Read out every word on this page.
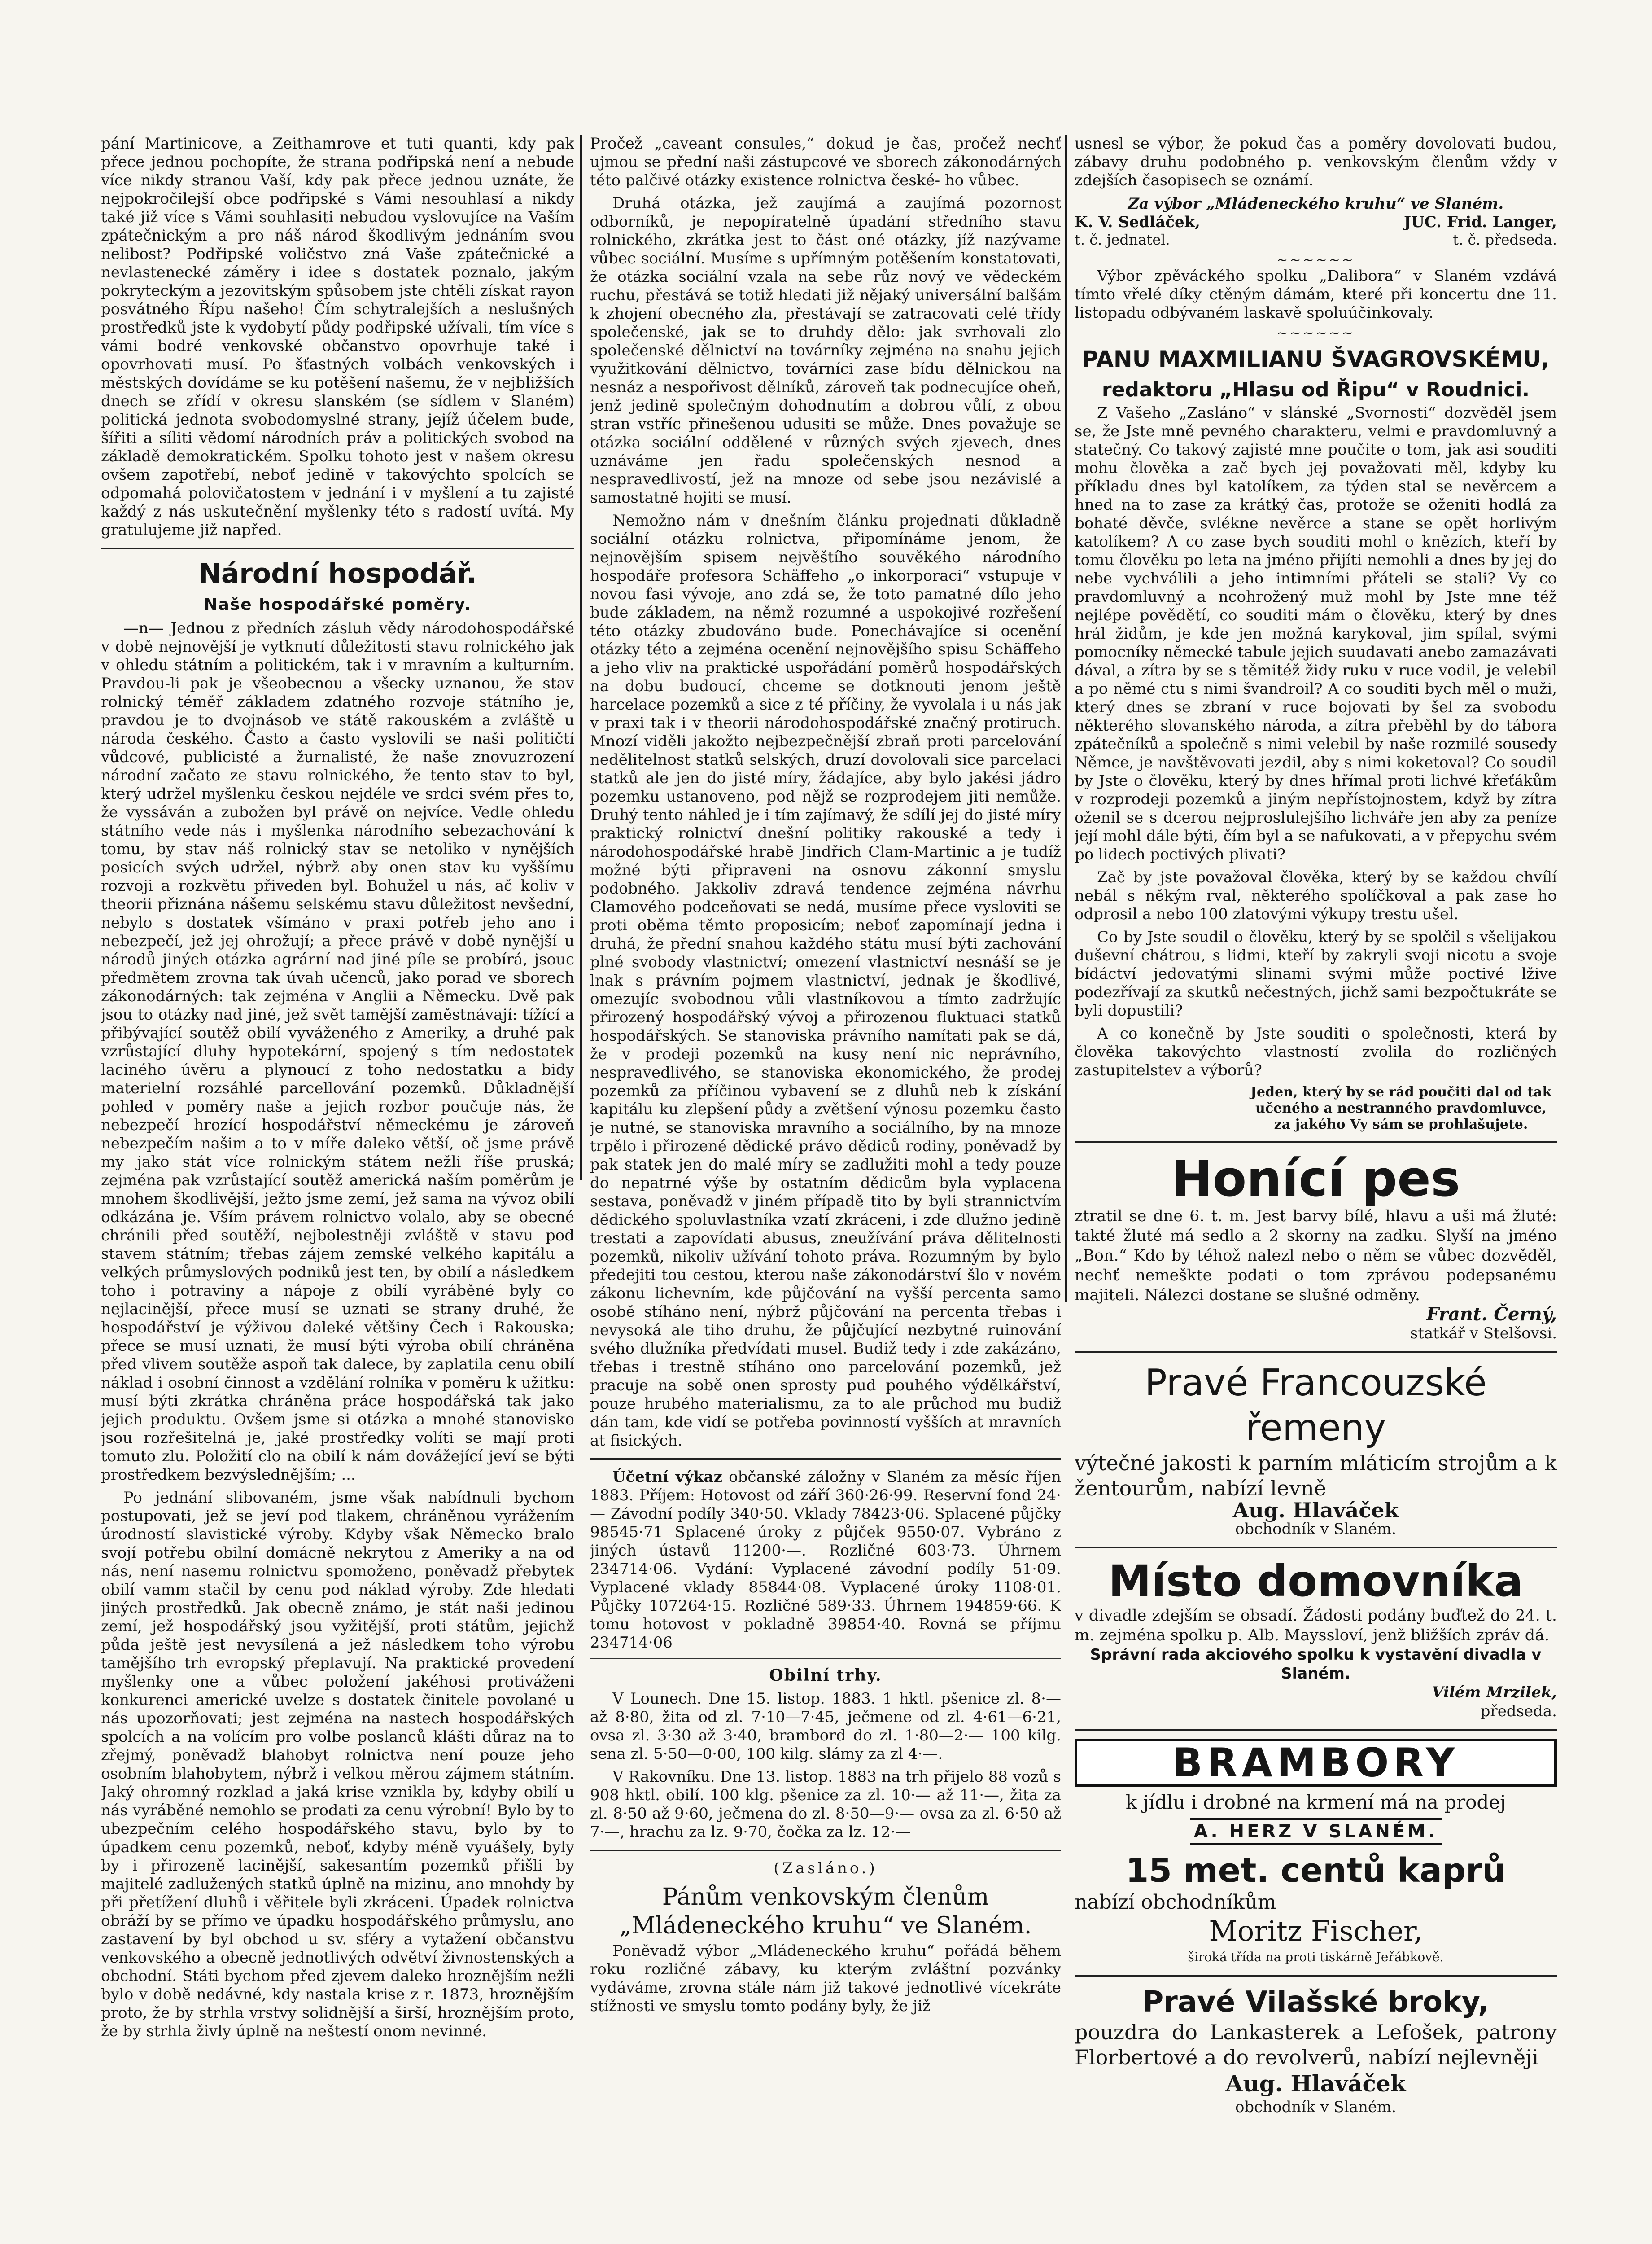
pání Martinicove, a Zeithamrove et tuti quanti, kdy pak přece jednou pochopíte, že strana podřipská není a nebude více nikdy stranou Vaší, kdy pak přece jednou uznáte, že nejpokročilejší obce podřipské s Vámi nesouhlasí a nikdy také již více s Vámi souhlasiti nebudou vyslovujíce na Vaším zpátečnickým a pro náš národ škodlivým jednáním svou nelibost? Podřipské voličstvo zná Vaše zpátečnické a nevlastenecké záměry i idee s dostatek poznalo, jakým pokryteckým a jezovitským spůsobem jste chtěli získat rayon posvátného Řípu našeho! Čím schytralejších a neslušných prostředků jste k vydobytí půdy podřipské užívali, tím více s vámi bodré venkovské občanstvo opovrhuje také i opovrhovati musí. Po šťastných volbách venkovských i městských dovídáme se ku potěšení našemu, že v nejbližších dnech se zřídí v okresu slanském (se sídlem v Slaném) politická jednota svobodomyslné strany, jejíž účelem bude, šířiti a síliti vědomí národních práv a politických svobod na základě demokratickém. Spolku tohoto jest v našem okresu ovšem zapotřebí, neboť jedině v takovýchto spolcích se odpomahá polovičatostem v jednání i v myšlení a tu zajisté každý z nás uskutečnění myšlenky této s radostí uvítá. My gratulujeme již napřed.

Národní hospodář.
Naše hospodářské poměry.

—n— Jednou z předních zásluh vědy národohospodářské v době nejnovější je vytknutí důležitosti stavu rolnického jak v ohledu státním a politickém, tak i v mravním a kulturním. Pravdou-li pak je všeobecnou a všecky uznanou, že stav rolnický téměř základem zdatného rozvoje státního je, pravdou je to dvojnásob ve státě rakouském a zvláště u národa českého. Často a často vyslovili se naši političtí vůdcové, publicisté a žurnalisté, že naše znovuzrození národní začato ze stavu rolnického, že tento stav to byl, který udržel myšlenku českou nejdéle ve srdci svém přes to, že vyssáván a zubožen byl právě on nejvíce. Vedle ohledu státního vede nás i myšlenka národního sebezachování k tomu, by stav náš rolnický stav se netoliko v nynějších posicích svých udržel, nýbrž aby onen stav ku vyššímu rozvoji a rozkvětu přiveden byl. Bohužel u nás, ač koliv v theorii přiznána nášemu selskému stavu důležitost nevšední, nebylo s dostatek všímáno v praxi potřeb jeho ano i nebezpečí, jež jej ohrožují; a přece právě v době nynější u národů jiných otázka agrární nad jiné píle se probírá, jsouc předmětem zrovna tak úvah učenců, jako porad ve sborech zákonodárných: tak zejména v Anglii a Německu. Dvě pak jsou to otázky nad jiné, jež svět tamější zaměstnávají: tížící a přibývající soutěž obilí vyváženého z Ameriky, a druhé pak vzrůstající dluhy hypotekární, spojený s tím nedostatek laciného úvěru a plynoucí z toho nedostatku a bidy materielní rozsáhlé parcellování pozemků. Důkladnější pohled v poměry naše a jejich rozbor poučuje nás, že nebezpečí hrozící hospodářství německému je zároveň nebezpečím našim a to v míře daleko větší, oč jsme právě my jako stát více rolnickým státem nežli říše pruská; zejména pak vzrůstající soutěž americká naším poměrům je mnohem škodlivější, ježto jsme zemí, jež sama na vývoz obilí odkázána je. Vším právem rolnictvo volalo, aby se obecné chránili před soutěží, nejbolestněji zvláště v stavu pod stavem státním; třebas zájem zemské velkého kapitálu a velkých průmyslových podniků jest ten, by obilí a následkem toho i potraviny a nápoje z obilí vyráběné byly co nejlacinější, přece musí se uznati se strany druhé, že hospodářství je výživou daleké většiny Čech i Rakouska; přece se musí uznati, že musí býti výroba obilí chráněna před vlivem soutěže aspoň tak dalece, by zaplatila cenu obilí náklad i osobní činnost a vzdělání rolníka v poměru k užitku: musí býti zkrátka chráněna práce hospodářská tak jako jejich produktu. Ovšem jsme si otázka a mnohé stanovisko jsou rozřešitelná je, jaké prostředky volíti se mají proti tomuto zlu. Položití clo na obilí k nám dovážející jeví se býti prostředkem bezvýslednějším; ...

Po jednání slibovaném, jsme však nabídnuli bychom postupovati, jež se jeví pod tlakem, chráněnou vyrážením úrodností slavistické výroby. Kdyby však Německo bralo svojí potřebu obilní domácně nekrytou z Ameriky a na od nás, není nasemu rolnictvu spomoženo, poněvadž přebytek obilí vamm stačil by cenu pod náklad výroby. Zde hledati jiných prostředků. Jak obecně známo, je stát naši jedinou zemí, jež hospodářský jsou vyžitější, proti státům, jejichž půda ještě jest nevysílená a jež následkem toho výrobu tamějšího trh evropský přeplavují. Na praktické provedení myšlenky one a vůbec položení jakéhosi protiváženi konkurenci americké uvelze s dostatek činitele povolané u nás upozorňovati; jest zejména na nastech hospodářských spolcích a na volícím pro volbe poslanců klášti důraz na to zřejmý, poněvadž blahobyt rolnictva není pouze jeho osobním blahobytem, nýbrž i velkou měrou zájmem státním. Jaký ohromný rozklad a jaká krise vznikla by, kdyby obilí u nás vyráběné nemohlo se prodati za cenu výrobní! Bylo by to ubezpečním celého hospodářského stavu, bylo by to úpadkem cenu pozemků, neboť, kdyby méně vyuášely, byly by i přirozeně lacinější, sakesantím pozemků přišli by majitelé zadlužených statků úplně na mizinu, ano mnohdy by při přetížení dluhů i věřitele byli zkráceni. Úpadek rolnictva obráží by se přímo ve úpadku hospodářského průmyslu, ano zastavení by byl obchod u sv. sféry a vytažení občanstvu venkovského a obecně jednotlivých odvětví živnostenských a obchodní. Státi bychom před zjevem daleko hroznějším nežli bylo v době nedávné, kdy nastala krise z r. 1873, hroznějším proto, že by strhla vrstvy solidnější a širší, hroznějším proto, že by strhla živly úplně na neštestí onom nevinné.

Pročež „caveant consules,“ dokud je čas, pročež nechť ujmou se přední naši zástupcové ve sborech zákonodárných této palčivé otázky existence rolnictva české- ho vůbec.

Druhá otázka, jež zaujímá a zaujímá pozornost odborníků, je nepopíratelně úpadání středního stavu rolnického, zkrátka jest to část oné otázky, jíž nazývame vůbec sociální. Musíme s upřímným potěšením konstatovati, že otázka sociální vzala na sebe růz nový ve vědeckém ruchu, přestává se totiž hledati již nějaký universální balšám k zhojení obecného zla, přestávají se zatracovati celé třídy společenské, jak se to druhdy dělo: jak svrhovali zlo společenské dělnictví na továrníky zejména na snahu jejich využitkování dělnictvo, továrníci zase bídu dělnickou na nesnáz a nespořivost dělníků, zároveň tak podnecujíce oheň, jenž jedině společným dohodnutím a dobrou vůlí, z obou stran vstříc přinešenou udusiti se může. Dnes považuje se otázka sociální oddělené v různých svých zjevech, dnes uznáváme jen řadu společenských nesnod a nespravedlivostí, jež na mnoze od sebe jsou nezávislé a samostatně hojiti se musí.

Nemožno nám v dnešním článku projednati důkladně sociální otázku rolnictva, připomínáme jenom, že nejnovějším spisem nejvěštího souvěkého národního hospodáře profesora Schäffeho „o inkorporaci“ vstupuje v novou fasi vývoje, ano zdá se, že toto pamatné dílo jeho bude základem, na němž rozumné a uspokojivé rozřešení této otázky zbudováno bude. Ponechávajíce si ocenění otázky této a zejména ocenění nejnovějšího spisu Schäffeho a jeho vliv na praktické uspořádání poměrů hospodářských na dobu budoucí, chceme se dotknouti jenom ještě harcelace pozemků a sice z té příčiny, že vyvolala i u nás jak v praxi tak i v theorii národohospodářské značný protiruch. Mnozí viděli jakožto nejbezpečnější zbraň proti parcelování nedělitelnost statků selských, druzí dovolovali sice parcelaci statků ale jen do jisté míry, žádajíce, aby bylo jakési jádro pozemku ustanoveno, pod nějž se rozprodejem jiti nemůže. Druhý tento náhled je i tím zajímavý, že sdílí jej do jisté míry praktický rolnictví dnešní politiky rakouské a tedy i národohospodářské hrabě Jindřich Clam-Martinic a je tudíž možné býti připraveni na osnovu zákonní smyslu podobného. Jakkoliv zdravá tendence zejména návrhu Clamového podceňovati se nedá, musíme přece vysloviti se proti oběma těmto proposicím; neboť zapomínají jedna i druhá, že přední snahou každého státu musí býti zachování plné svobody vlastnictví; omezení vlastnictví nesnáší se je lnak s právním pojmem vlastnictví, jednak je škodlivé, omezujíc svobodnou vůli vlastníkovou a tímto zadržujíc přirozený hospodářský vývoj a přirozenou fluktuaci statků hospodářských. Se stanoviska právního namítati pak se dá, že v prodeji pozemků na kusy není nic neprávního, nespravedlivého, se stanoviska ekonomického, že prodej pozemků za příčinou vybavení se z dluhů neb k získání kapitálu ku zlepšení půdy a zvětšení výnosu pozemku často je nutné, se stanoviska mravního a sociálního, by na mnoze trpělo i přirozené dědické právo dědiců rodiny, poněvadž by pak statek jen do malé míry se zadlužiti mohl a tedy pouze do nepatrné výše by ostatním dědicům byla vyplacena sestava, poněvadž v jiném případě tito by byli strannictvím dědického spoluvlastníka vzatí zkráceni, i zde dlužno jedině trestati a zapovídati abusus, zneužívání práva dělitelnosti pozemků, nikoliv užívání tohoto práva. Rozumným by bylo předejiti tou cestou, kterou naše zákonodárství šlo v novém zákonu lichevním, kde půjčování na vyšší percenta samo osobě stíháno není, nýbrž půjčování na percenta třebas i nevysoká ale tiho druhu, že půjčující nezbytné ruinování svého dlužníka předvídati musel. Budiž tedy i zde zakázáno, třebas i trestně stíháno ono parcelování pozemků, jež pracuje na sobě onen sprosty pud pouhého výdělkářství, pouze hrubého materialismu, za to ale průchod mu budiž dán tam, kde vidí se potřeba povinností vyšších at mravních at fisických.

Účetní výkaz občanské záložny v Slaném za měsíc říjen 1883. Příjem: Hotovost od září 360·26·99. Reservní fond 24·— Závodní podíly 340·50. Vklady 78423·06. Splacené půjčky 98545·71 Splacené úroky z půjček 9550·07. Vybráno z jiných ústavů 11200·—. Rozličné 603·73. Úhrnem 234714·06. Vydání: Vyplacené závodní podíly 51·09. Vyplacené vklady 85844·08. Vyplacené úroky 1108·01. Půjčky 107264·15. Rozličné 589·33. Úhrnem 194859·66. K tomu hotovost v pokladně 39854·40. Rovná se příjmu 234714·06

Obilní trhy.

V Lounech. Dne 15. listop. 1883. 1 hktl. pšenice zl. 8·— až 8·80, žita od zl. 7·10—7·45, ječmene od zl. 4·61—6·21, ovsa zl. 3·30 až 3·40, brambord do zl. 1·80—2·— 100 kilg. sena zl. 5·50—0·00, 100 kilg. slámy za zl 4·—.

V Rakovníku. Dne 13. listop. 1883 na trh přijelo 88 vozů s 908 hktl. obilí. 100 klg. pšenice za zl. 10·— až 11·—, žita za zl. 8·50 až 9·60, ječmena do zl. 8·50—9·— ovsa za zl. 6·50 až 7·—, hrachu za lz. 9·70, čočka za lz. 12·—

(Zasláno.)
Pánům venkovským členům „Mládeneckého kruhu“ ve Slaném.

Poněvadž výbor „Mládeneckého kruhu“ pořádá během roku rozličné zábavy, ku kterým zvláštní pozvánky vydáváme, zrovna stále nám již takové jednotlivé vícekráte stížnosti ve smyslu tomto podány byly, že již

usnesl se výbor, že pokud čas a poměry dovolovati budou, zábavy druhu podobného p. venkovským členům vždy v zdejších časopisech se oznámí.

Za výbor „Mládeneckého kruhu“ ve Slaném.
K. V. Sedláček,	JUC. Frid. Langer,
t. č. jednatel.	t. č. předseda.
~~~~~~

Výbor zpěváckého spolku „Dalibora“ v Slaném vzdává tímto vřelé díky ctěným dámám, které při koncertu dne 11. listopadu odbývaném laskavě spoluúčinkovaly.

~~~~~~
PANU MAXMILIANU ŠVAGROVSKÉMU,
redaktoru „Hlasu od Řipu“ v Roudnici.

Z Vašeho „Zasláno“ v slánské „Svornosti“ dozvěděl jsem se, že Jste mně pevného charakteru, velmi e pravdomluvný a statečný. Co takový zajisté mne poučite o tom, jak asi souditi mohu člověka a zač bych jej považovati měl, kdyby ku příkladu dnes byl katolíkem, za týden stal se nevěrcem a hned na to zase za krátký čas, protože se oženiti hodlá za bohaté děvče, svlékne nevěrce a stane se opět horlivým katolíkem? A co zase bych souditi mohl o knězích, kteří by tomu člověku po leta na jméno přijíti nemohli a dnes by jej do nebe vychválili a jeho intimními přáteli se stali? Vy co pravdomluvný a ncohrožený muž mohl by Jste mne též nejlépe povědětí, co souditi mám o člověku, který by dnes hrál židům, je kde jen možná karykoval, jim spílal, svými pomocníky německé tabule jejich suudavati anebo zamazávati dával, a zítra by se s těmitéž židy ruku v ruce vodil, je velebil a po němé ctu s nimi švandroil? A co souditi bych měl o muži, který dnes se zbraní v ruce bojovati by šel za svobodu některého slovanského národa, a zítra přeběhl by do tábora zpátečníků a společně s nimi velebil by naše rozmilé sousedy Němce, je navštěvovati jezdil, aby s nimi koketoval? Co soudil by Jste o člověku, který by dnes hřímal proti lichvé křeťákům v rozprodeji pozemků a jiným nepřístojnostem, když by zítra oženil se s dcerou nejproslulejšího lichváře jen aby za peníze její mohl dále býti, čím byl a se nafukovati, a v přepychu svém po lidech poctivých plivati?

Zač by jste považoval člověka, který by se každou chvílí nebál s někým rval, některého spolíčkoval a pak zase ho odprosil a nebo 100 zlatovými výkupy trestu ušel.

Co by Jste soudil o člověku, který by se spolčil s všelijakou duševní chátrou, s lidmi, kteří by zakryli svoji nicotu a svoje bídáctví jedovatými slinami svými může poctivé lžive podezřívají za skutků nečestných, jichž sami bezpočtukráte se byli dopustili?

A co konečně by Jste souditi o společnosti, která by člověka takovýchto vlastností zvolila do rozličných zastupitelstev a výborů?

Jeden, který by se rád poučiti dal od tak učeného a nestranného pravdomluvce, za jakého Vy sám se prohlašujete.
Honící pes
ztratil se dne 6. t. m. Jest barvy bílé, hlavu a uši má žluté: takté žluté má sedlo a 2 skorny na zadku. Slyší na jméno „Bon.“ Kdo by téhož nalezl nebo o něm se vůbec dozvěděl, nechť nemeškte podati o tom zprávou podepsanému majiteli. Nálezci dostane se slušné odměny.
Frant. Černý,
statkář v Stelšovsi.
Pravé Francouzské řemeny
výtečné jakosti k parním mláticím strojům a k žentourům, nabízí levně
Aug. Hlaváček
obchodník v Slaném.
Místo domovníka
v divadle zdejším se obsadí. Žádosti podány buďtež do 24. t. m. zejména spolku p. Alb. Mayssloví, jenž bližších zpráv dá.
Správní rada akciového spolku k vystavění divadla v Slaném.
Vilém Mrzilek,
předseda.
BRAMBORY
k jídlu i drobné na krmení má na prodej
A. HERZ V SLANÉM.
15 met. centů kaprů
nabízí obchodníkům
Moritz Fischer,
široká třída na proti tiskárně Jeřábkově.
Pravé Vilašské broky,
pouzdra do Lankasterek a Lefošek, patrony Florbertové a do revolverů, nabízí nejlevněji
Aug. Hlaváček
obchodník v Slaném.
